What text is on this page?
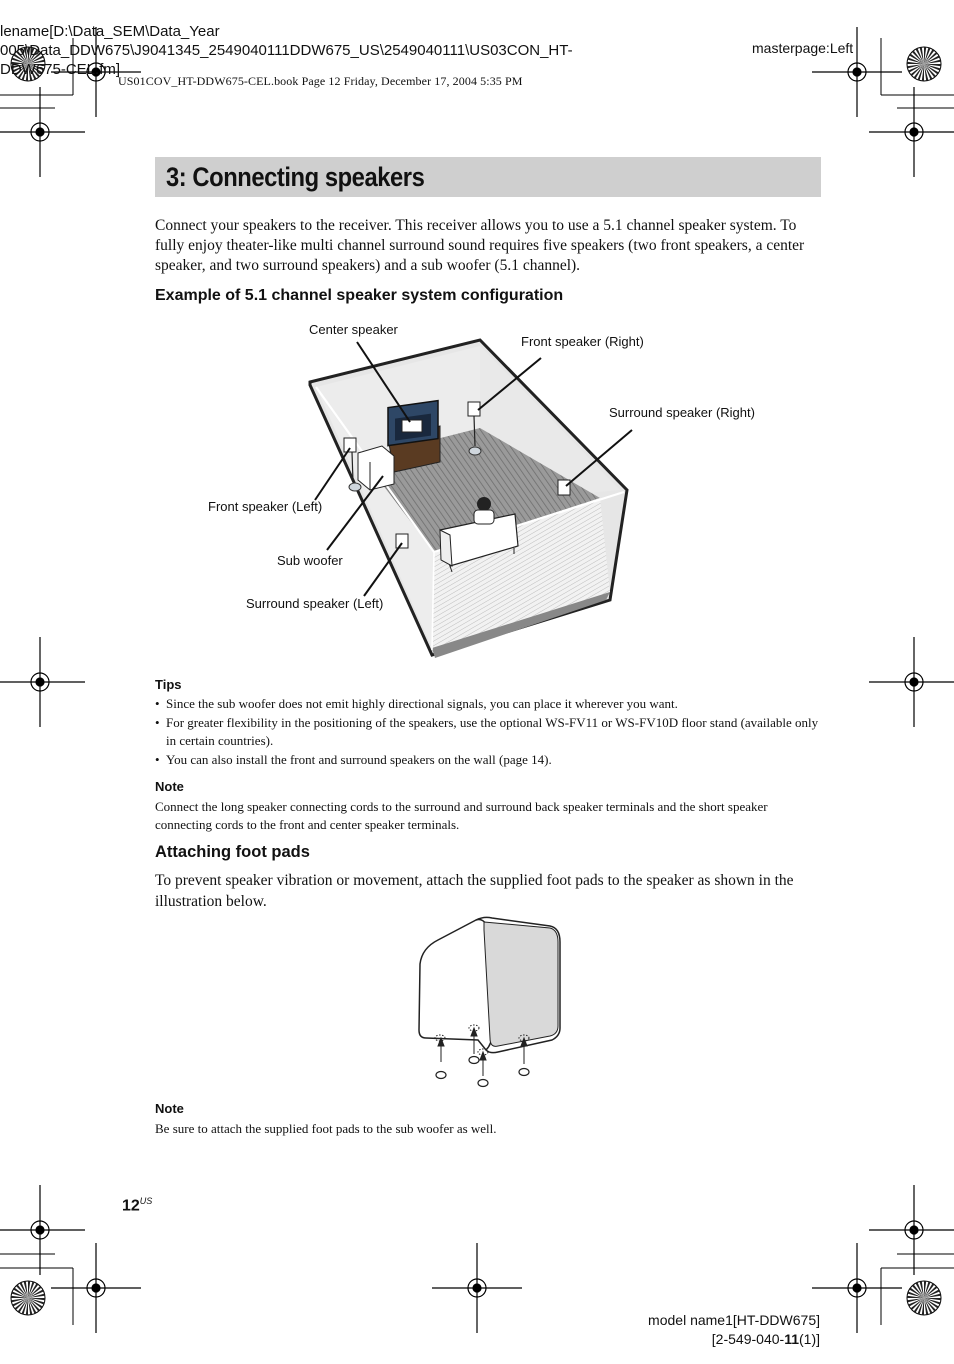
lename[D:\Data_SEM\Data_Year
005\Data_DDW675\J9041345_2549040111DDW675_US\2549040111\US03CON_HT-
DDW675-CEL.fm]
masterpage:Left
US01COV_HT-DDW675-CEL.book Page 12 Friday, December 17, 2004 5:35 PM
3: Connecting speakers
Connect your speakers to the receiver. This receiver allows you to use a 5.1 channel speaker system. To fully enjoy theater-like multi channel surround sound requires five speakers (two front speakers, a center speaker, and two surround speakers) and a sub woofer (5.1 channel).
Example of 5.1 channel speaker system configuration
Center speaker
Front speaker (Right)
Surround speaker (Right)
Front speaker (Left)
Sub woofer
Surround speaker (Left)
Tips
• Since the sub woofer does not emit highly directional signals, you can place it wherever you want.
• For greater flexibility in the positioning of the speakers, use the optional WS-FV11 or WS-FV10D floor stand (available only in certain countries).
• You can also install the front and surround speakers on the wall (page 14).
Note
Connect the long speaker connecting cords to the surround and surround back speaker terminals and the short speaker connecting cords to the front and center speaker terminals.
Attaching foot pads
To prevent speaker vibration or movement, attach the supplied foot pads to the speaker as shown in the illustration below.
Note
Be sure to attach the supplied foot pads to the sub woofer as well.
$12^{US}$
model name1[HT-DDW675]
[2-549-040-11(1)]
